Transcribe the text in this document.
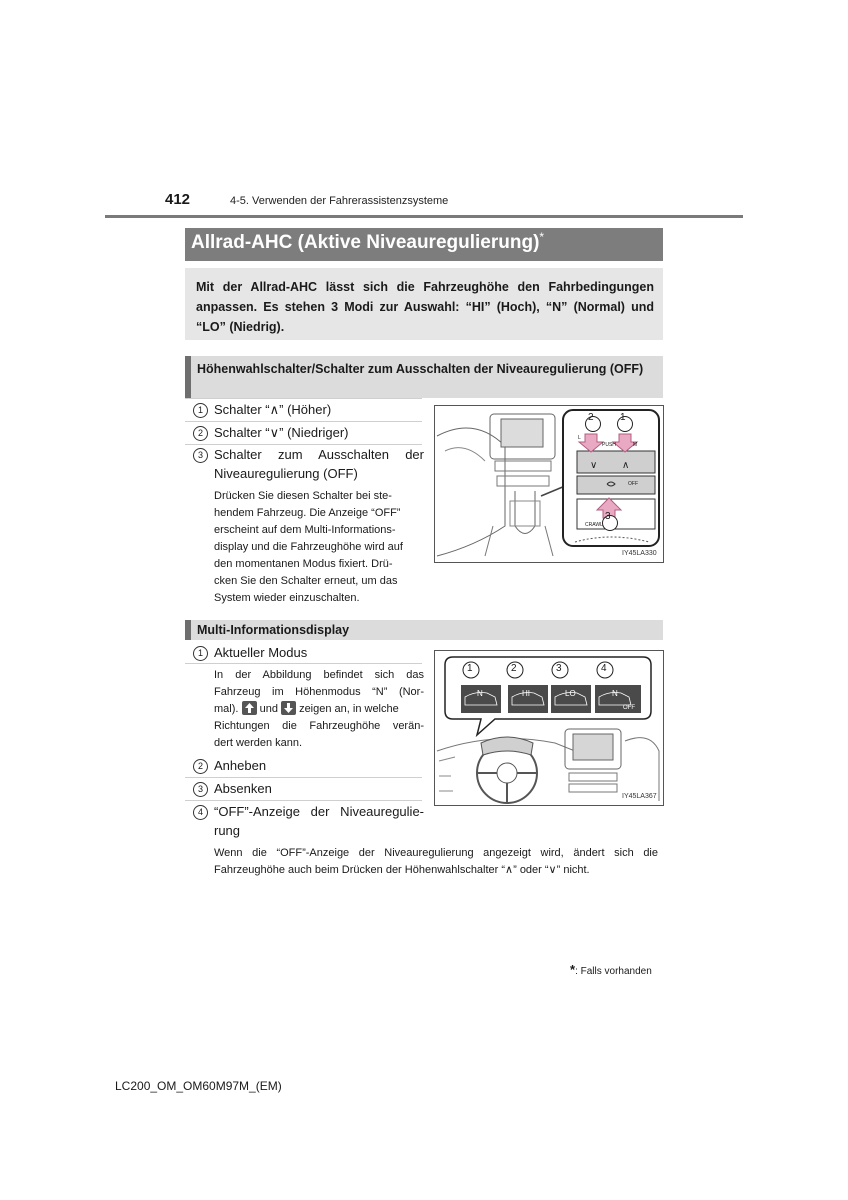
412	4-5. Verwenden der Fahrerassistenzsysteme
Allrad-AHC (Aktive Niveauregulierung)*
Mit der Allrad-AHC lässt sich die Fahrzeughöhe den Fahrbedingungen anpassen. Es stehen 3 Modi zur Auswahl: “HI” (Hoch), “N” (Normal) und “LO” (Niedrig).
Höhenwahlschalter/Schalter zum Ausschalten der Niveauregulierung (OFF)
1 Schalter “∧” (Höher)
2 Schalter “∨” (Niedriger)
3 Schalter zum Ausschalten der
Niveauregulierung (OFF)
Drücken Sie diesen Schalter bei ste-
hendem Fahrzeug. Die Anzeige “OFF”
erscheint auf dem Multi-Informations-
display und die Fahrzeughöhe wird auf
den momentanen Modus fixiert. Drü-
cken Sie den Schalter erneut, um das
System wieder einzuschalten.
∨ ∧
2	1
3
L
PUSH	M
OFF
CRAWL
IY45LA330
Multi-Informationsdisplay
1 Aktueller Modus
In der Abbildung befindet sich das
Fahrzeug im Höhenmodus “N” (Nor-
mal). und zeigen an, in welche
Richtungen die Fahrzeughöhe verän-
dert werden kann.
2 Anheben
3 Absenken
4 “OFF”-Anzeige der Niveauregulie-
rung
Wenn die “OFF”-Anzeige der Niveauregulierung angezeigt wird, ändert sich die
Fahrzeughöhe auch beim Drücken der Höhenwahlschalter “∧” oder “∨” nicht.
1	2	3	4
N	HI	LO	N
OFF
IY45LA367
*: Falls vorhanden
LC200_OM_OM60M97M_(EM)
